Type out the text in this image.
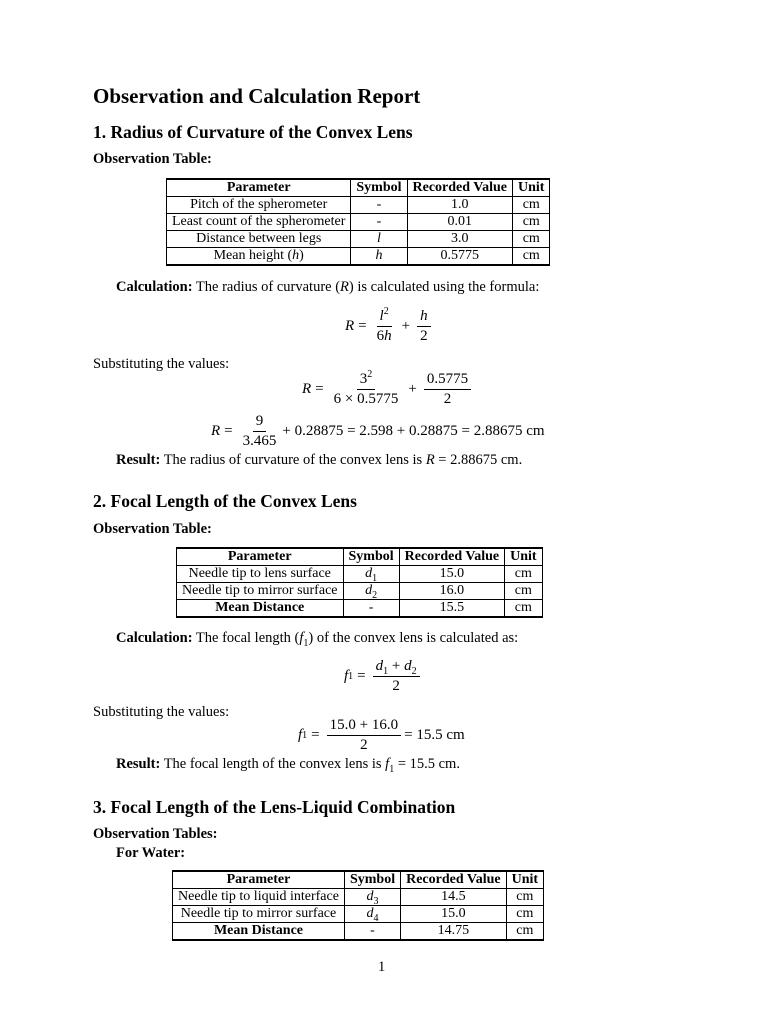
Observation and Calculation Report
1. Radius of Curvature of the Convex Lens
Observation Table:
Parameter	Symbol	Recorded Value	Unit
Pitch of the spherometer	-	1.0	cm
Least count of the spherometer	-	0.01	cm
Distance between legs	l	3.0	cm
Mean height (h)	h	0.5775	cm
Calculation: The radius of curvature (R) is calculated using the formula:
$R = \frac{l^2}{6h} + \frac{h}{2}$
Substituting the values:
$R = \frac{3^2}{6 \times 0.5775} + \frac{0.5775}{2}$
$R = \frac{9}{3.465} + 0.28875 = 2.598 + 0.28875 = 2.88675$ cm
Result: The radius of curvature of the convex lens is R = 2.88675 cm.
2. Focal Length of the Convex Lens
Observation Table:
Parameter	Symbol	Recorded Value	Unit
Needle tip to lens surface	$d_1$	15.0	cm
Needle tip to mirror surface	$d_2$	16.0	cm
Mean Distance	-	15.5	cm
Calculation: The focal length $(f_1)$ of the convex lens is calculated as:
f $1 = \frac{d_1 + d_2}{2}$
Substituting the values:
f $1 = \frac{15.0 + 16.0}{2} = 15.5$ cm
Result: The focal length of the convex lens is $f_1 = 15.5$ cm.
3. Focal Length of the Lens-Liquid Combination
Observation Tables:
For Water:
Parameter	Symbol	Recorded Value	Unit
Needle tip to liquid interface	$d_3$	14.5	cm
Needle tip to mirror surface	$d_4$	15.0	cm
Mean Distance	-	14.75	cm
1
